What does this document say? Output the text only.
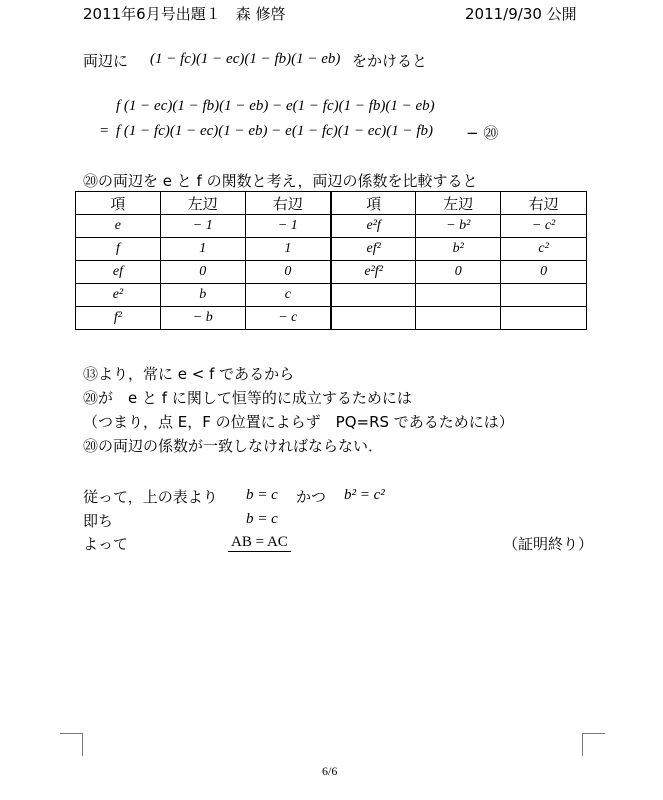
2011年6月号出題１　森 修啓	2011/9/30 公開
両辺に (1 − fc)(1 − ec)(1 − fb)(1 − eb) をかけると
f (1 − ec)(1 − fb)(1 − eb) − e(1 − fc)(1 − fb)(1 − eb)
= f (1 − fc)(1 − ec)(1 − eb) − e(1 − fc)(1 − ec)(1 − fb) − ⑳
⑳の両辺を e と f の関数と考え，両辺の係数を比較すると
項	左辺	右辺	項	左辺	右辺
e	− 1	− 1	e²f	− b²	− c²
f	1	1	ef²	b²	c²
ef	0	0	e²f²	0	0
e²	b	c			
f²	− b	− c			
⑬より，常に e < f であるから
⑳が　e と f に関して恒等的に成立するためには
（つまり，点 E，F の位置によらず　PQ=RS であるためには）
⑳の両辺の係数が一致しなければならない．
従って，上の表より b = c かつ b² = c²
即ち	b = c
よって	AB = AC	（証明終り）
6/6
